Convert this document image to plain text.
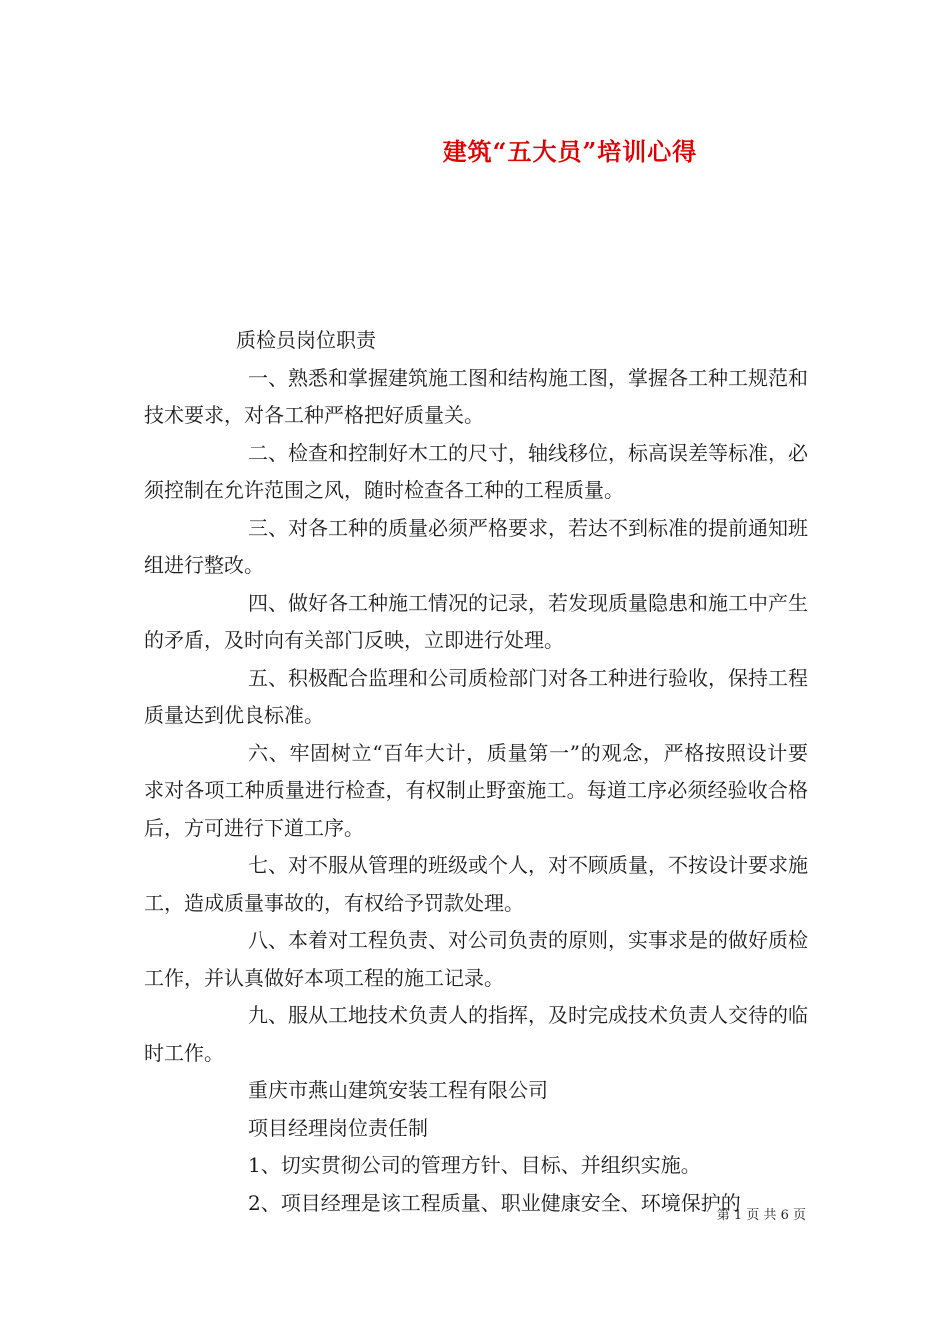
建筑“五大员”培训心得

质检员岗位职责

一、熟悉和掌握建筑施工图和结构施工图，掌握各工种工规范和技术要求，对各工种严格把好质量关。

二、检查和控制好木工的尺寸，轴线移位，标高误差等标准，必须控制在允许范围之风，随时检查各工种的工程质量。

三、对各工种的质量必须严格要求，若达不到标准的提前通知班组进行整改。

四、做好各工种施工情况的记录，若发现质量隐患和施工中产生的矛盾，及时向有关部门反映，立即进行处理。

五、积极配合监理和公司质检部门对各工种进行验收，保持工程质量达到优良标准。

六、牢固树立“百年大计，质量第一”的观念，严格按照设计要求对各项工种质量进行检查，有权制止野蛮施工。每道工序必须经验收合格后，方可进行下道工序。

七、对不服从管理的班级或个人，对不顾质量，不按设计要求施工，造成质量事故的，有权给予罚款处理。

八、本着对工程负责、对公司负责的原则，实事求是的做好质检工作，并认真做好本项工程的施工记录。

九、服从工地技术负责人的指挥，及时完成技术负责人交待的临时工作。

重庆市燕山建筑安装工程有限公司

项目经理岗位责任制

1、切实贯彻公司的管理方针、目标、并组织实施。

2、项目经理是该工程质量、职业健康安全、环境保护的

第 1 页 共 6 页
